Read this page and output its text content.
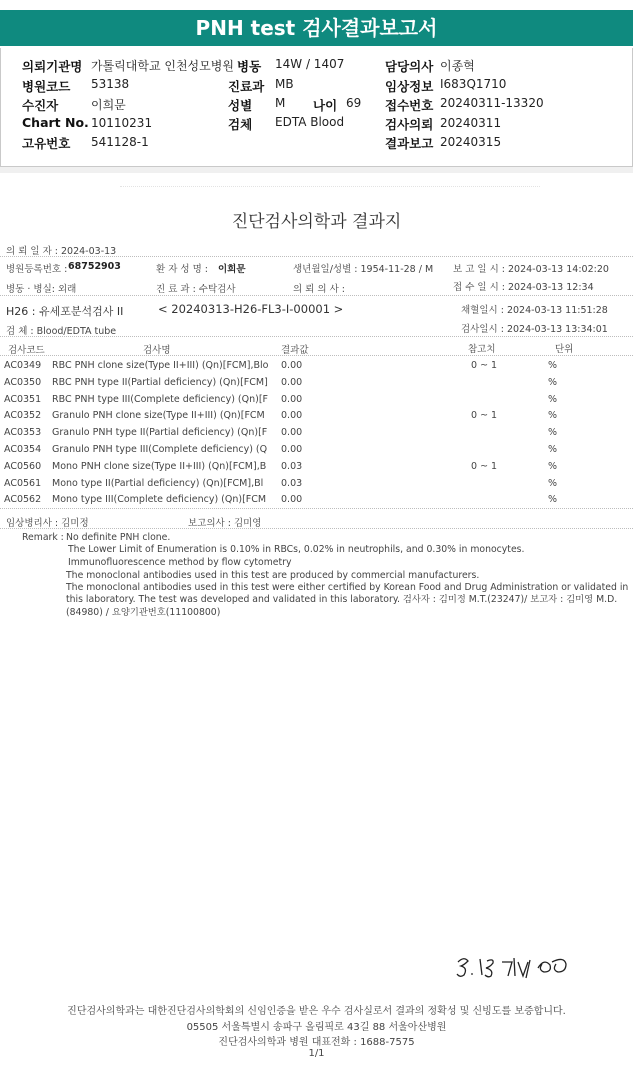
PNH test 검사결과보고서
의뢰기관명 가톨릭대학교 인천성모병원 병동 14W / 1407	담당의사 이종혁
병원코드 53138	진료과 MB	임상정보 I683Q1710
수진자	이희문	성별 M 나이 69 접수번호 20240311-13320
Chart No. 10110231	검체 EDTA Blood	검사의뢰 20240311
고유번호 541128-1	결과보고 20240315
진단검사의학과 결과지
의 뢰 일 자 : 2024-03-13
병원등록번호 : 68752903	환 자 성 명 : 이희문	생년월일/성별 : 1954-11-28 / M 보 고 일 시 : 2024-03-13 14:02:20
병동 · 병실: 외래	진 료 과 : 수탁검사	의 뢰 의 사 :	접 수 일 시 : 2024-03-13 12:34
H26 : 유세포분석검사 II	< 20240313-H26-FL3-I-00001 >	채혈일시 : 2024-03-13 11:51:28
검 체 : Blood/EDTA tube	검사일시 : 2024-03-13 13:34:01
검사코드	검사명	결과값	참고치	단위
AC0349 RBC PNH clone size(Type II+III) (Qn)[FCM],Blo 0.00	0 ~ 1	%
AC0350 RBC PNH type II(Partial deficiency) (Qn)[FCM] 0.00	%
AC0351 RBC PNH type III(Complete deficiency) (Qn)[F 0.00	%
AC0352 Granulo PNH clone size(Type II+III) (Qn)[FCM 0.00	0 ~ 1	%
AC0353 Granulo PNH type II(Partial deficiency) (Qn)[F 0.00	%
AC0354 Granulo PNH type III(Complete deficiency) (Q 0.00	%
AC0560 Mono PNH clone size(Type II+III) (Qn)[FCM],B 0.03	0 ~ 1	%
AC0561 Mono type II(Partial deficiency) (Qn)[FCM],Bl 0.03	%
AC0562 Mono type III(Complete deficiency) (Qn)[FCM 0.00	%
임상병리사 : 김미정	보고의사 : 김미영
Remark : No definite PNH clone.
The Lower Limit of Enumeration is 0.10% in RBCs, 0.02% in neutrophils, and 0.30% in monocytes.
Immunofluorescence method by flow cytometry
The monoclonal antibodies used in this test are produced by commercial manufacturers.
The monoclonal antibodies used in this test were either certified by Korean Food and Drug Administration or validated in
this laboratory. The test was developed and validated in this laboratory. 검사자 : 김미정 M.T.(23247)/ 보고자 : 김미영 M.D.
(84980) / 요양기관번호(11100800)
진단검사의학과는 대한진단검사의학회의 신임인증을 받은 우수 검사실로서 결과의 정확성 및 신빙도를 보증합니다.
05505 서울특별시 송파구 올림픽로 43길 88 서울아산병원
진단검사의학과 병원 대표전화 : 1688-7575
1/1
